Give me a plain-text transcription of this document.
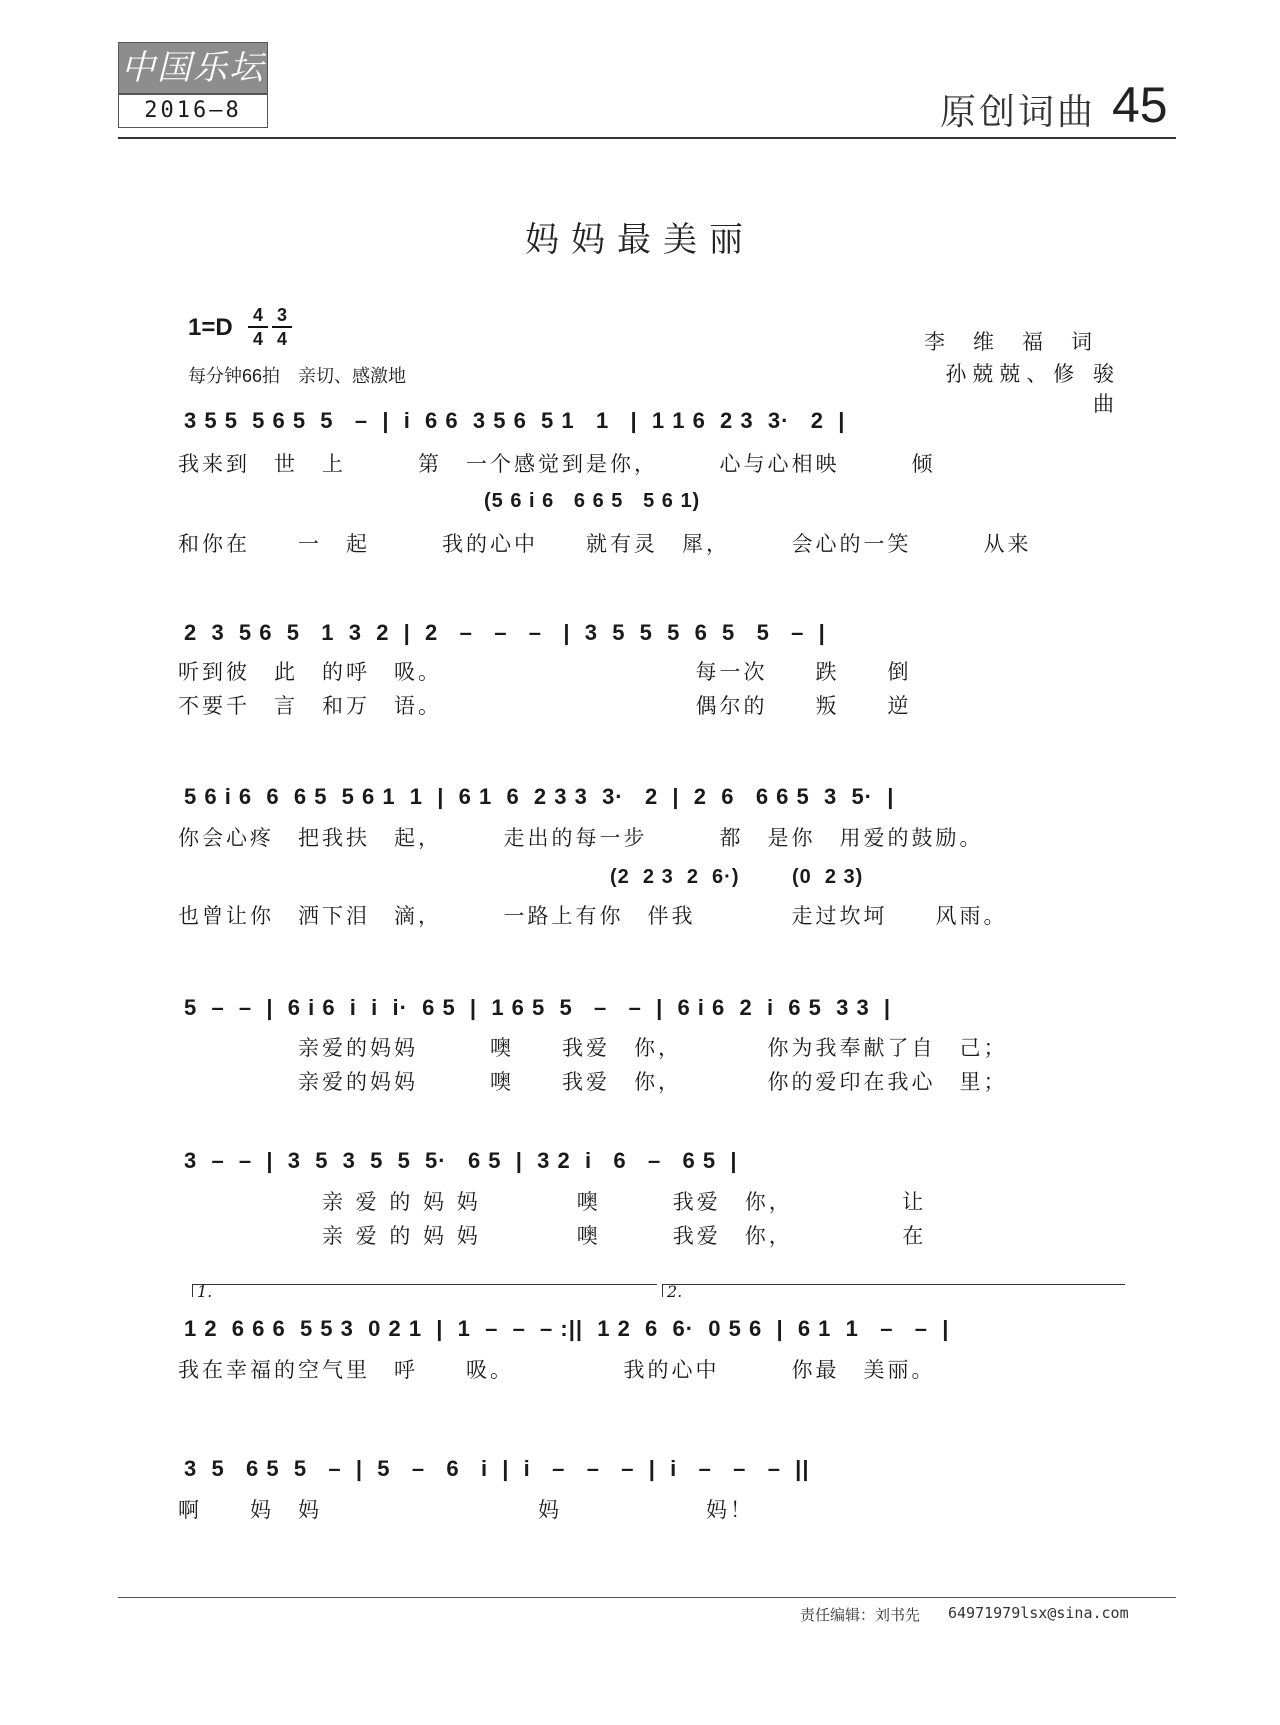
中国乐坛
2016—8	原创词曲 45
妈妈最美丽
1=D 4
4
3
4
每分钟66拍　亲切、感激地
李维福词
孙兢兢、修 骏曲
3 5 5  5 6 5  5   –  |  i  6 6  3 5 6  5 1   1   |  1 1 6  2 3  3·   2  |
我来到　世　上　　　第　一个感觉到是你，　　　心与心相映　　　倾
(5 6 i 6   6 6 5   5 6 1)
和你在　　一　起　　　我的心中　　就有灵　犀，　　　会心的一笑　　　从来
2  3  5 6  5   1  3  2  |  2   –   –   –   |  3  5  5  5  6  5   5   –  |
听到彼　此　的呼　吸。　　　　　　　　　　　每一次　　跌　　倒
不要千　言　和万　语。　　　　　　　　　　　偶尔的　　叛　　逆
5 6 i 6  6  6 5  5 6 1  1  |  6 1  6  2 3 3  3·   2  |  2  6   6 6 5  3  5·  |
你会心疼　把我扶　起，　　　走出的每一步　　　都　是你　用爱的鼓励。
(2  2 3  2  6·)        (0  2 3)
也曾让你　洒下泪　滴，　　　一路上有你　伴我　　　　走过坎坷　　风雨。
5  –  –  |  6 i 6  i  i  i·  6 5  |  1 6 5  5   –   –  |  6 i 6  2  i  6 5  3 3  |
　　　　　亲爱的妈妈　　　噢　　我爱　你，　　　　你为我奉献了自　己；
　　　　　亲爱的妈妈　　　噢　　我爱　你，　　　　你的爱印在我心　里；
3  –  –  |  3  5  3  5  5  5·   6 5  |  3 2  i   6   –   6 5  |
　　　　　　亲 爱 的 妈 妈　　　　噢　　　我爱　你，　　　　　让
　　　　　　亲 爱 的 妈 妈　　　　噢　　　我爱　你，　　　　　在
1.	2.
1 2  6 6 6  5 5 3  0 2 1  |  1  –  –  – :||  1 2  6  6·  0 5 6  |  6 1  1   –   –  |
我在幸福的空气里　呼　　吸。　　　　　我的心中　　　你最　美丽。
3  5   6 5  5   –  |  5   –   6   i  |  i   –   –   –  |  i   –   –   –  ||
啊　　妈　妈　　　　　　　　　妈　　　　　　妈！
责任编辑：刘书先 64971979lsx@sina.com
